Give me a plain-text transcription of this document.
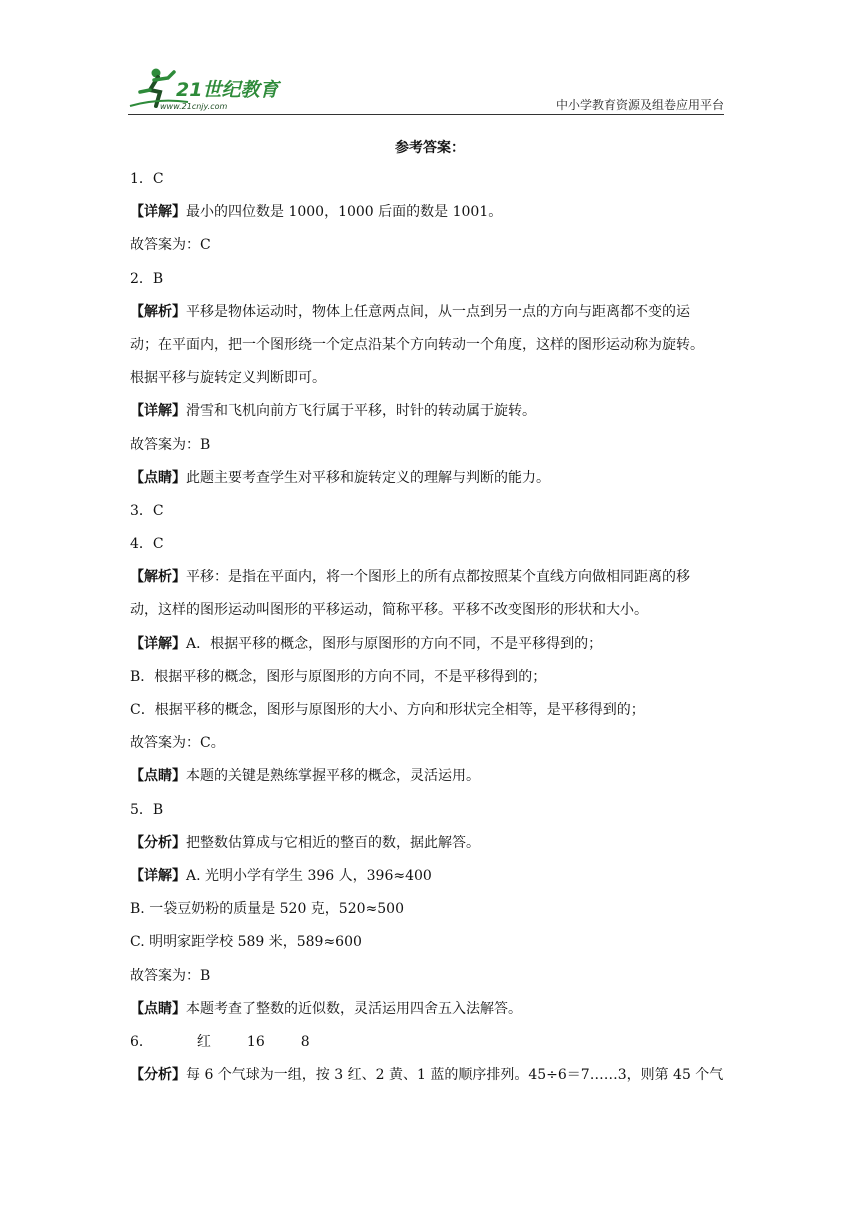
21世纪教育
www.21cnjy.com	中小学教育资源及组卷应用平台
参考答案：
1．C
【详解】最小的四位数是 1000，1000 后面的数是 1001。
故答案为：C
2．B
【解析】平移是物体运动时，物体上任意两点间，从一点到另一点的方向与距离都不变的运
动；在平面内，把一个图形绕一个定点沿某个方向转动一个角度，这样的图形运动称为旋转。
根据平移与旋转定义判断即可。
【详解】滑雪和飞机向前方飞行属于平移，时针的转动属于旋转。
故答案为：B
【点睛】此题主要考查学生对平移和旋转定义的理解与判断的能力。
3．C
4．C
【解析】平移：是指在平面内，将一个图形上的所有点都按照某个直线方向做相同距离的移
动，这样的图形运动叫图形的平移运动，简称平移。平移不改变图形的形状和大小。
【详解】A．根据平移的概念，图形与原图形的方向不同，不是平移得到的；
B．根据平移的概念，图形与原图形的方向不同，不是平移得到的；
C．根据平移的概念，图形与原图形的大小、方向和形状完全相等，是平移得到的；
故答案为：C。
【点睛】本题的关键是熟练掌握平移的概念，灵活运用。
5．B
【分析】把整数估算成与它相近的整百的数，据此解答。
【详解】A. 光明小学有学生 396 人，396≈400
B. 一袋豆奶粉的质量是 520 克，520≈500
C. 明明家距学校 589 米，589≈600
故答案为：B
【点睛】本题考查了整数的近似数，灵活运用四舍五入法解答。
6．	红	16	8
【分析】每 6 个气球为一组，按 3 红、2 黄、1 蓝的顺序排列。45÷6＝7……3，则第 45 个气
